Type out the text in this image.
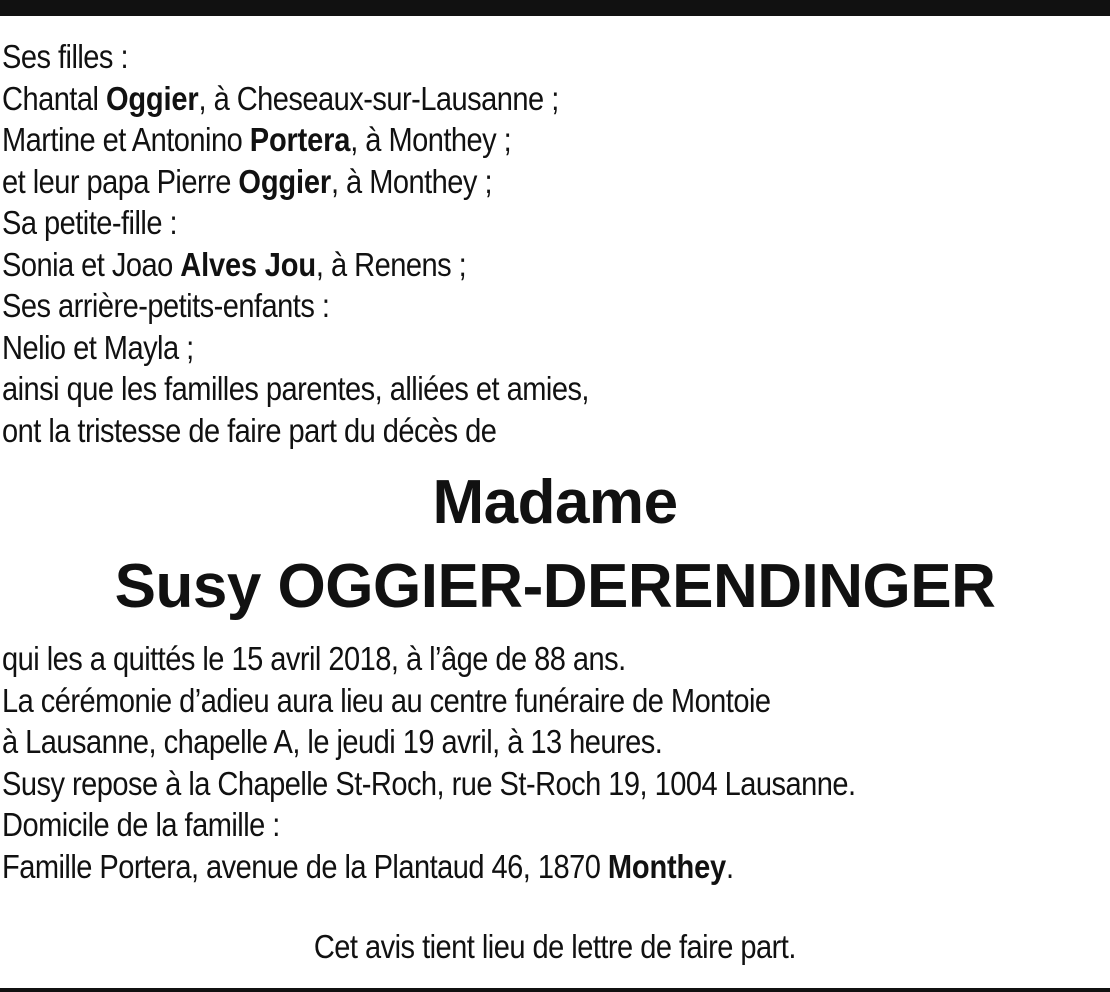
Ses filles :
Chantal Oggier, à Cheseaux-sur-Lausanne ;
Martine et Antonino Portera, à Monthey ;
et leur papa Pierre Oggier, à Monthey ;
Sa petite-fille :
Sonia et Joao Alves Jou, à Renens ;
Ses arrière-petits-enfants :
Nelio et Mayla ;
ainsi que les familles parentes, alliées et amies,
ont la tristesse de faire part du décès de
Madame
Susy OGGIER-DERENDINGER
qui les a quittés le 15 avril 2018, à l’âge de 88 ans.
La cérémonie d’adieu aura lieu au centre funéraire de Montoie
à Lausanne, chapelle A, le jeudi 19 avril, à 13 heures.
Susy repose à la Chapelle St-Roch, rue St-Roch 19, 1004 Lausanne.
Domicile de la famille :
Famille Portera, avenue de la Plantaud 46, 1870 Monthey.
Cet avis tient lieu de lettre de faire part.
